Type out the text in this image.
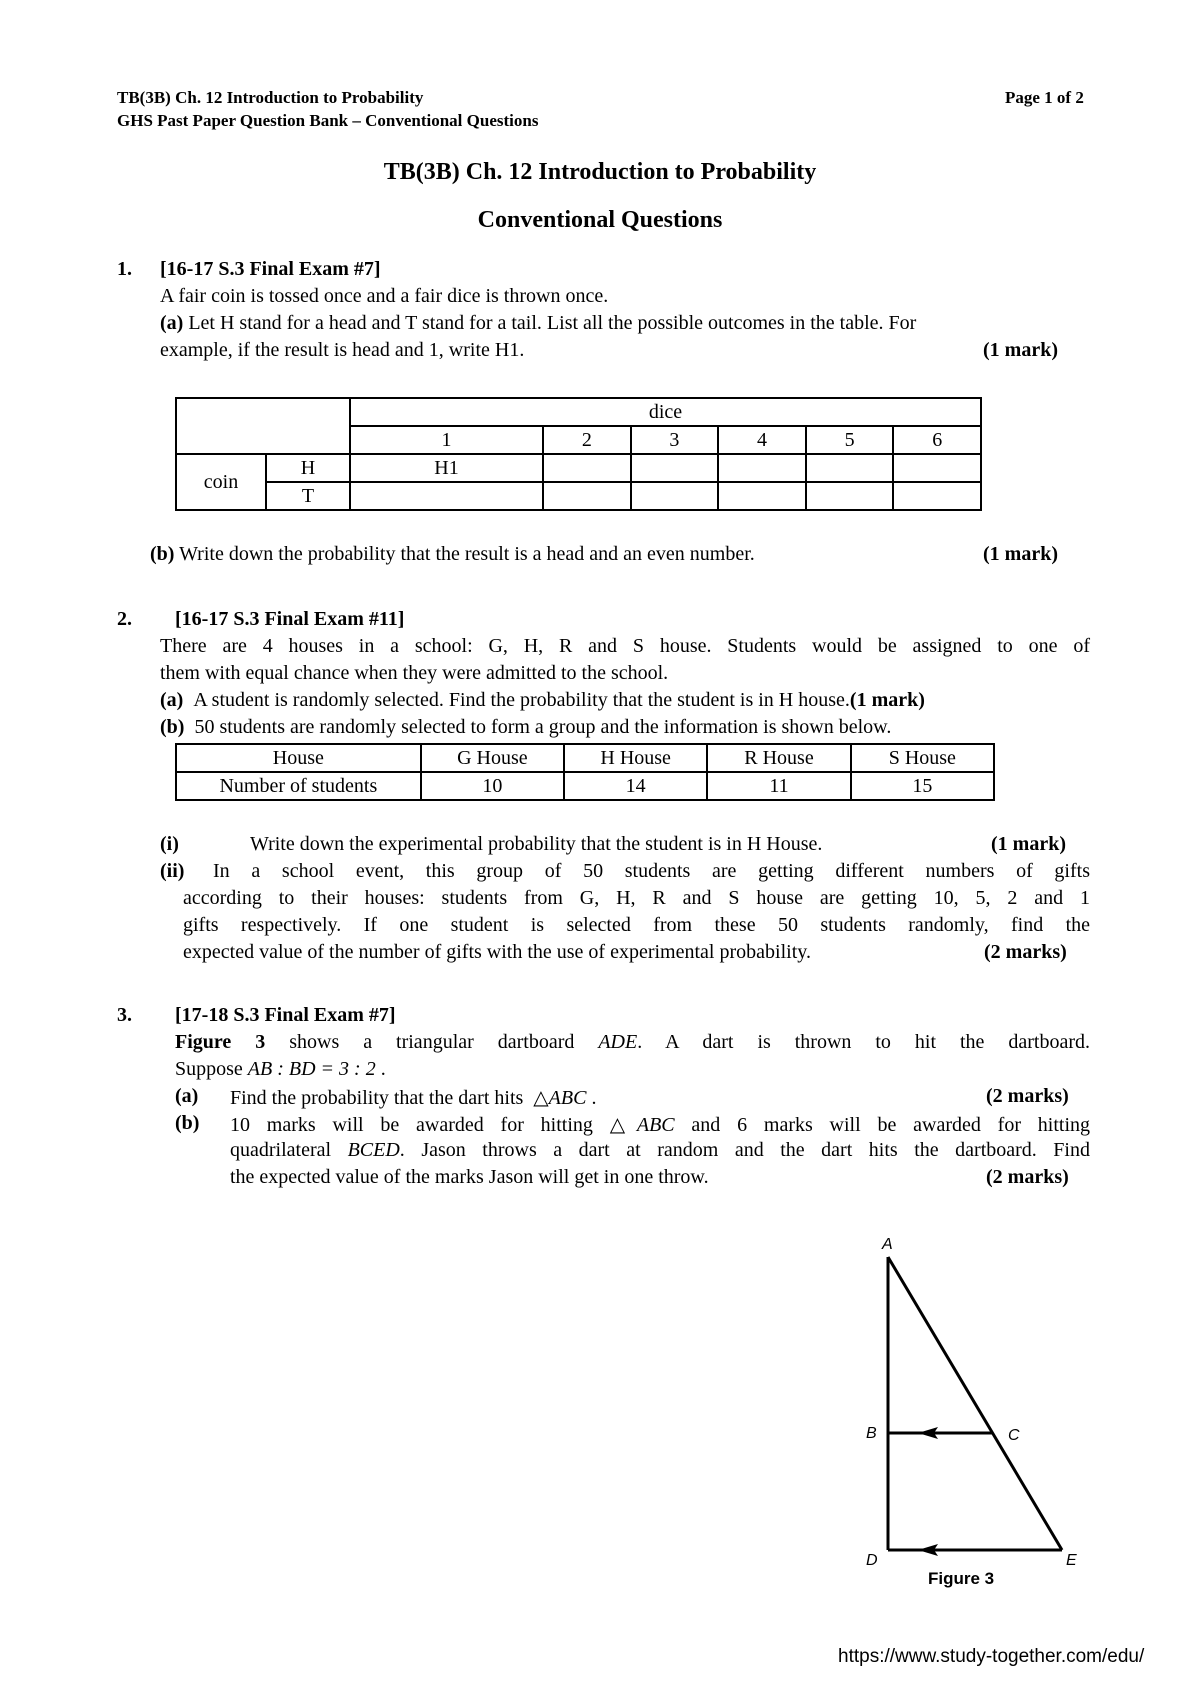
TB(3B) Ch. 12 Introduction to Probability
GHS Past Paper Question Bank – Conventional Questions
Page 1 of 2
TB(3B) Ch. 12 Introduction to Probability
Conventional Questions
1. [16-17 S.3 Final Exam #7]
A fair coin is tossed once and a fair dice is thrown once.
(a) Let H stand for a head and T stand for a tail. List all the possible outcomes in the table. For
example, if the result is head and 1, write H1.	(1 mark)
		dice					
		1	2	3	4	5	6
coin	H	H1					
	T						
(b) Write down the probability that the result is a head and an even number.	(1 mark)
2. [16-17 S.3 Final Exam #11]
There are 4 houses in a school: G, H, R and S house. Students would be assigned to one of
them with equal chance when they were admitted to the school.
(a) A student is randomly selected. Find the probability that the student is in H house.(1 mark)
(b) 50 students are randomly selected to form a group and the information is shown below.
House	G House	H House	R House	S House
Number of students	10	14	11	15
(i)	Write down the experimental probability that the student is in H House.	(1 mark)
(ii) In a school event, this group of 50 students are getting different numbers of gifts
according to their houses: students from G, H, R and S house are getting 10, 5, 2 and 1
gifts respectively. If one student is selected from these 50 students randomly, find the
expected value of the number of gifts with the use of experimental probability.	(2 marks)
3. [17-18 S.3 Final Exam #7]
Figure 3 shows a triangular dartboard ADE. A dart is thrown to hit the dartboard.
Suppose AB : BD = 3 : 2 .
(a) Find the probability that the dart hits  △ABC .	(2 marks)
(b) 10 marks will be awarded for hitting △ABC and 6 marks will be awarded for hitting
quadrilateral BCED. Jason throws a dart at random and the dart hits the dartboard. Find
the expected value of the marks Jason will get in one throw.	(2 marks)
A
B	C
D	E
Figure 3
https://www.study-together.com/edu/
